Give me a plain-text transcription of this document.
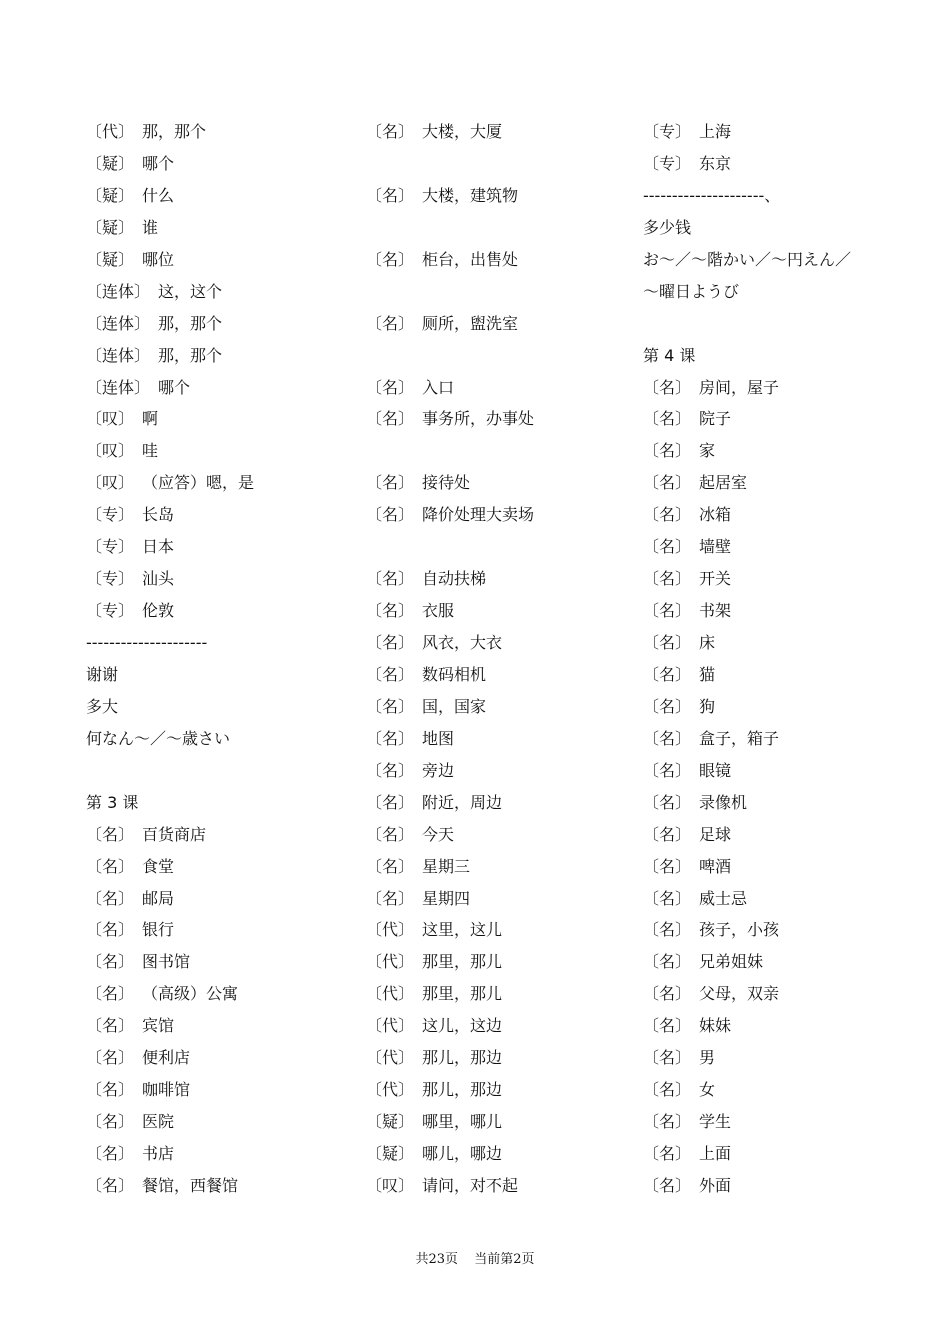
〔代〕 那，那个
〔疑〕 哪个
〔疑〕 什么
〔疑〕 谁
〔疑〕 哪位
〔连体〕 这，这个
〔连体〕 那，那个
〔连体〕 那，那个
〔连体〕 哪个
〔叹〕 啊
〔叹〕 哇
〔叹〕 （应答）嗯，是
〔专〕 长岛
〔专〕 日本
〔专〕 汕头
〔专〕 伦敦
---------------------
谢谢
多大
何なん～／～歳さい
第 3 课
〔名〕 百货商店
〔名〕 食堂
〔名〕 邮局
〔名〕 银行
〔名〕 图书馆
〔名〕 （高级）公寓
〔名〕 宾馆
〔名〕 便利店
〔名〕 咖啡馆
〔名〕 医院
〔名〕 书店
〔名〕 餐馆，西餐馆
〔名〕 大楼，大厦
〔名〕 大楼，建筑物
〔名〕 柜台，出售处
〔名〕 厕所，盥洗室
〔名〕 入口
〔名〕 事务所，办事处
〔名〕 接待处
〔名〕 降价处理大卖场
〔名〕 自动扶梯
〔名〕 衣服
〔名〕 风衣，大衣
〔名〕 数码相机
〔名〕 国，国家
〔名〕 地图
〔名〕 旁边
〔名〕 附近，周边
〔名〕 今天
〔名〕 星期三
〔名〕 星期四
〔代〕 这里，这儿
〔代〕 那里，那儿
〔代〕 那里，那儿
〔代〕 这儿，这边
〔代〕 那儿，那边
〔代〕 那儿，那边
〔疑〕 哪里，哪儿
〔疑〕 哪儿，哪边
〔叹〕 请问，对不起
〔专〕 上海
〔专〕 东京
---------------------、
多少钱
お～／～階かい／～円えん／
～曜日ようび
第 4 课
〔名〕 房间，屋子
〔名〕 院子
〔名〕 家
〔名〕 起居室
〔名〕 冰箱
〔名〕 墙壁
〔名〕 开关
〔名〕 书架
〔名〕 床
〔名〕 猫
〔名〕 狗
〔名〕 盒子，箱子
〔名〕 眼镜
〔名〕 录像机
〔名〕 足球
〔名〕 啤酒
〔名〕 威士忌
〔名〕 孩子，小孩
〔名〕 兄弟姐妹
〔名〕 父母，双亲
〔名〕 妹妹
〔名〕 男
〔名〕 女
〔名〕 学生
〔名〕 上面
〔名〕 外面
共23页 当前第2页
